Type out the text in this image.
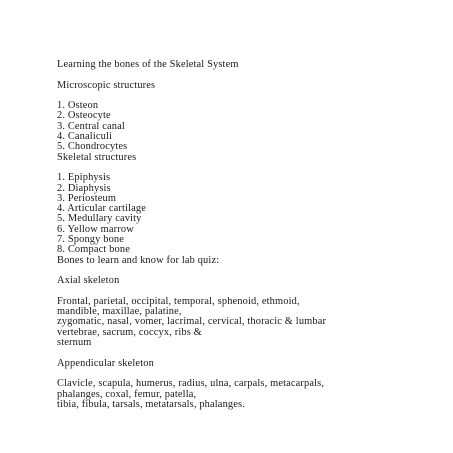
Learning the bones of the Skeletal System
Microscopic structures
1. Osteon
2. Osteocyte
3. Central canal
4. Canaliculi
5. Chondrocytes
Skeletal structures
1. Epiphysis
2. Diaphysis
3. Periosteum
4. Articular cartilage
5. Medullary cavity
6. Yellow marrow
7. Spongy bone
8. Compact bone
Bones to learn and know for lab quiz:
Axial skeleton
Frontal, parietal, occipital, temporal, sphenoid, ethmoid,
mandible, maxillae, palatine,
zygomatic, nasal, vomer, lacrimal, cervical, thoracic & lumbar
vertebrae, sacrum, coccyx, ribs &
sternum
Appendicular skeleton
Clavicle, scapula, humerus, radius, ulna, carpals, metacarpals,
phalanges, coxal, femur, patella,
tibia, fibula, tarsals, metatarsals, phalanges.
